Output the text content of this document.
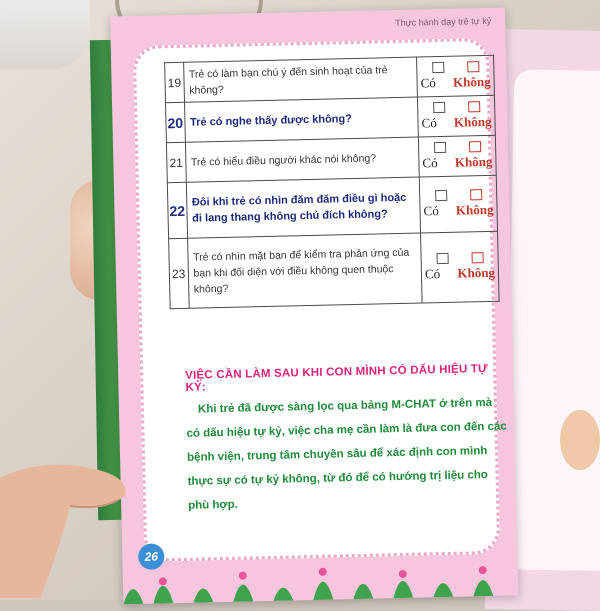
Thực hành dạy trẻ tự kỷ
19	Trẻ có làm bạn chú ý đến sinh hoạt của trẻ không?	Có Không

20	Trẻ có nghe thấy được không?	Có Không

21	Trẻ có hiểu điều người khác nói không?	Có Không

22	Đôi khi trẻ có nhìn đăm đăm điều gì hoặc đi lang thang không chủ đích không?	Có Không

23	Trẻ có nhìn mặt bạn để kiểm tra phản ứng của bạn khi đối diện với điều không quen thuộc không?	Có Không
VIỆC CẦN LÀM SAU KHI CON MÌNH CÓ DẤU HIỆU TỰ KỶ:
Khi trẻ đã được sàng lọc qua bảng M-CHAT ở trên mà có dấu hiệu tự kỷ, việc cha mẹ cần làm là đưa con đến các bệnh viện, trung tâm chuyên sâu để xác định con mình thực sự có tự kỷ không, từ đó để có hướng trị liệu cho phù hợp.
26
